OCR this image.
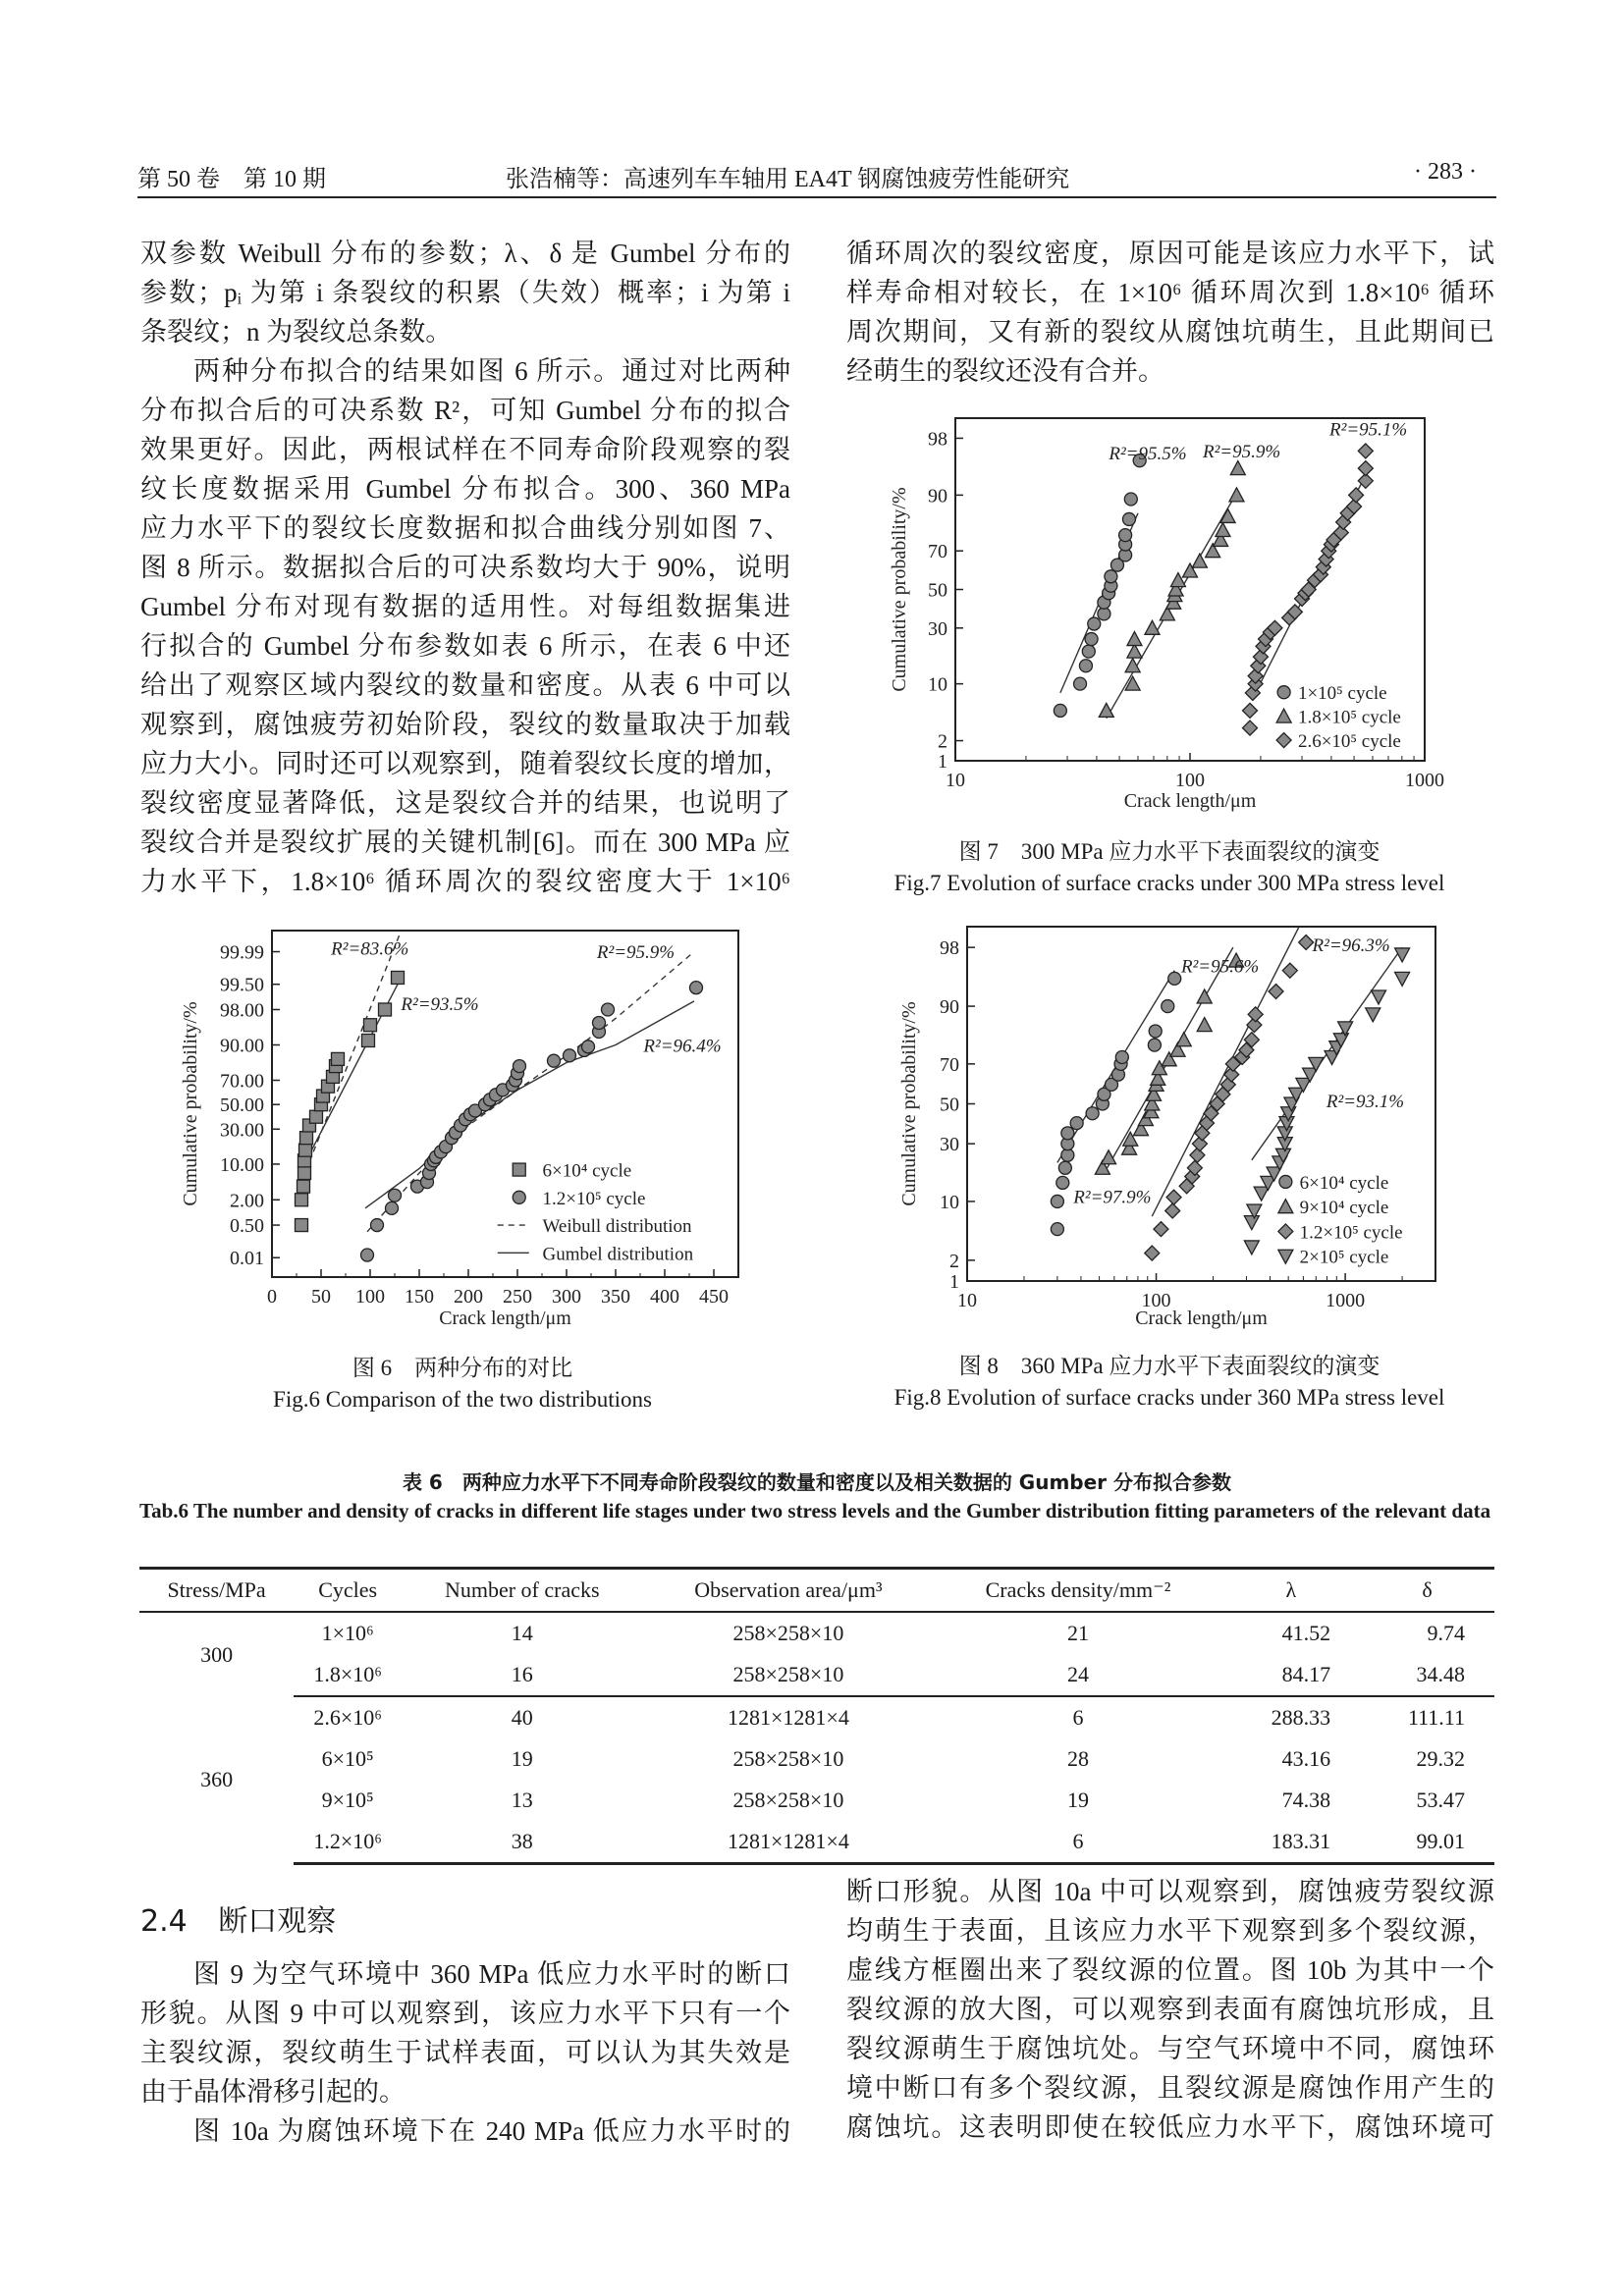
第 50 卷　第 10 期	张浩楠等：高速列车车轴用 EA4T 钢腐蚀疲劳性能研究	· 283 ·
双参数 Weibull 分布的参数；λ、δ 是 Gumbel 分布的
参数；pᵢ 为第 i 条裂纹的积累（失效）概率；i 为第 i
条裂纹；n 为裂纹总条数。
两种分布拟合的结果如图 6 所示。通过对比两种
分布拟合后的可决系数 R²，可知 Gumbel 分布的拟合
效果更好。因此，两根试样在不同寿命阶段观察的裂
纹长度数据采用 Gumbel 分布拟合。300、360 MPa
应力水平下的裂纹长度数据和拟合曲线分别如图 7、
图 8 所示。数据拟合后的可决系数均大于 90%，说明
Gumbel 分布对现有数据的适用性。对每组数据集进
行拟合的 Gumbel 分布参数如表 6 所示，在表 6 中还
给出了观察区域内裂纹的数量和密度。从表 6 中可以
观察到，腐蚀疲劳初始阶段，裂纹的数量取决于加载
应力大小。同时还可以观察到，随着裂纹长度的增加，
裂纹密度显著降低，这是裂纹合并的结果，也说明了
裂纹合并是裂纹扩展的关键机制[6]。而在 300 MPa 应
力水平下，1.8×10⁶ 循环周次的裂纹密度大于 1×10⁶
循环周次的裂纹密度，原因可能是该应力水平下，试
样寿命相对较长，在 1×10⁶ 循环周次到 1.8×10⁶ 循环
周次期间，又有新的裂纹从腐蚀坑萌生，且此期间已
经萌生的裂纹还没有合并。
0 50 100 150 200 250 300 350 400 450
99.99
99.50
98.00
90.00
70.00
50.00
30.00
10.00
2.00
0.50
0.01
Crack length/μm
Cumulative probability/%
R²=83.6%
R²=93.5%
R²=95.9%
R²=96.4%
6×10⁴ cycle
1.2×10⁵ cycle
Weibull distribution
Gumbel distribution
10	100	1000
1
2
10
30
50
70
90
98
Crack length/μm
Cumulative probability/%
R²=95.5% R²=95.9%
R²=95.1%
1×10⁵ cycle
1.8×10⁵ cycle
2.6×10⁵ cycle
10	100	1000
1
2
10
30
50
70
90
98
Crack length/μm
Cumulative probability/%
R²=95.6%
R²=96.3%
R²=93.1%
R²=97.9%
6×10⁴ cycle
9×10⁴ cycle
1.2×10⁵ cycle
2×10⁵ cycle
图 6　两种分布的对比
Fig.6 Comparison of the two distributions
图 7　300 MPa 应力水平下表面裂纹的演变
Fig.7 Evolution of surface cracks under 300 MPa stress level
图 8　360 MPa 应力水平下表面裂纹的演变
Fig.8 Evolution of surface cracks under 360 MPa stress level
表 6　两种应力水平下不同寿命阶段裂纹的数量和密度以及相关数据的 Gumber 分布拟合参数
Tab.6 The number and density of cracks in different life stages under two stress levels and the Gumber distribution fitting parameters of the relevant data
Stress/MPa	Cycles	Number of cracks	Observation area/μm³	Cracks density/mm⁻²	λ	δ
300	1×10⁶	14	258×258×10	21	41.52	9.74
	1.8×10⁶	16	258×258×10	24	84.17	34.48
360	2.6×10⁶	40	1281×1281×4	6	288.33	111.11
	6×10⁵	19	258×258×10	28	43.16	29.32
	9×10⁵	13	258×258×10	19	74.38	53.47
	1.2×10⁶	38	1281×1281×4	6	183.31	99.01
2.4 断口观察
图 9 为空气环境中 360 MPa 低应力水平时的断口
形貌。从图 9 中可以观察到，该应力水平下只有一个
主裂纹源，裂纹萌生于试样表面，可以认为其失效是
由于晶体滑移引起的。
图 10a 为腐蚀环境下在 240 MPa 低应力水平时的
断口形貌。从图 10a 中可以观察到，腐蚀疲劳裂纹源
均萌生于表面，且该应力水平下观察到多个裂纹源，
虚线方框圈出来了裂纹源的位置。图 10b 为其中一个
裂纹源的放大图，可以观察到表面有腐蚀坑形成，且
裂纹源萌生于腐蚀坑处。与空气环境中不同，腐蚀环
境中断口有多个裂纹源，且裂纹源是腐蚀作用产生的
腐蚀坑。这表明即使在较低应力水平下，腐蚀环境可
